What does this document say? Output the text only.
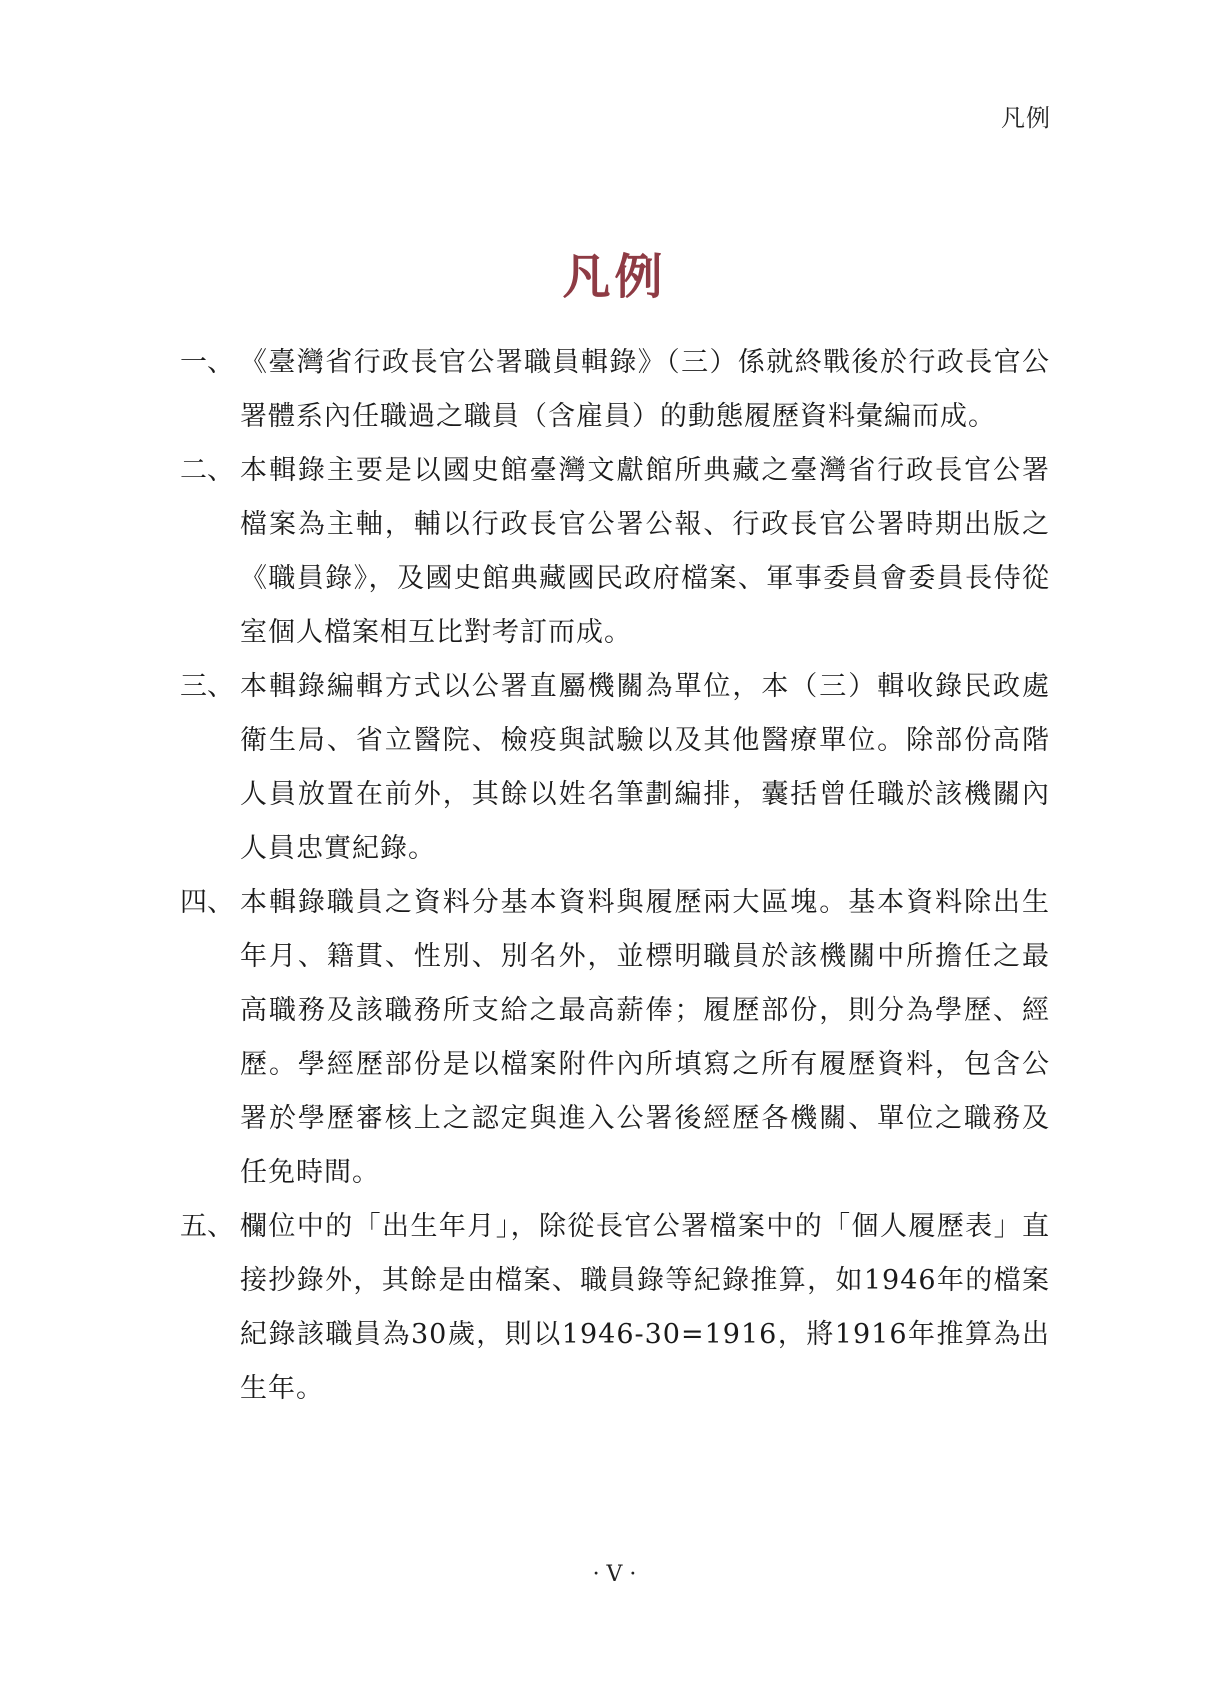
凡例
凡例
一、 《臺灣省行政長官公署職員輯錄》（三）係就終戰後於行政長官公署體系內任職過之職員（含雇員）的動態履歷資料彙編而成。
二、 本輯錄主要是以國史館臺灣文獻館所典藏之臺灣省行政長官公署檔案為主軸，輔以行政長官公署公報、行政長官公署時期出版之《職員錄》，及國史館典藏國民政府檔案、軍事委員會委員長侍從室個人檔案相互比對考訂而成。
三、 本輯錄編輯方式以公署直屬機關為單位，本（三）輯收錄民政處衛生局、省立醫院、檢疫與試驗以及其他醫療單位。除部份高階人員放置在前外，其餘以姓名筆劃編排，囊括曾任職於該機關內人員忠實紀錄。
四、 本輯錄職員之資料分基本資料與履歷兩大區塊。基本資料除出生年月、籍貫、性別、別名外，並標明職員於該機關中所擔任之最高職務及該職務所支給之最高薪俸；履歷部份，則分為學歷、經歷。學經歷部份是以檔案附件內所填寫之所有履歷資料，包含公署於學歷審核上之認定與進入公署後經歷各機關、單位之職務及任免時間。
五、 欄位中的「出生年月」，除從長官公署檔案中的「個人履歷表」直接抄錄外，其餘是由檔案、職員錄等紀錄推算，如1946年的檔案紀錄該職員為30歲，則以1946-30=1916，將1916年推算為出生年。
· V ·
